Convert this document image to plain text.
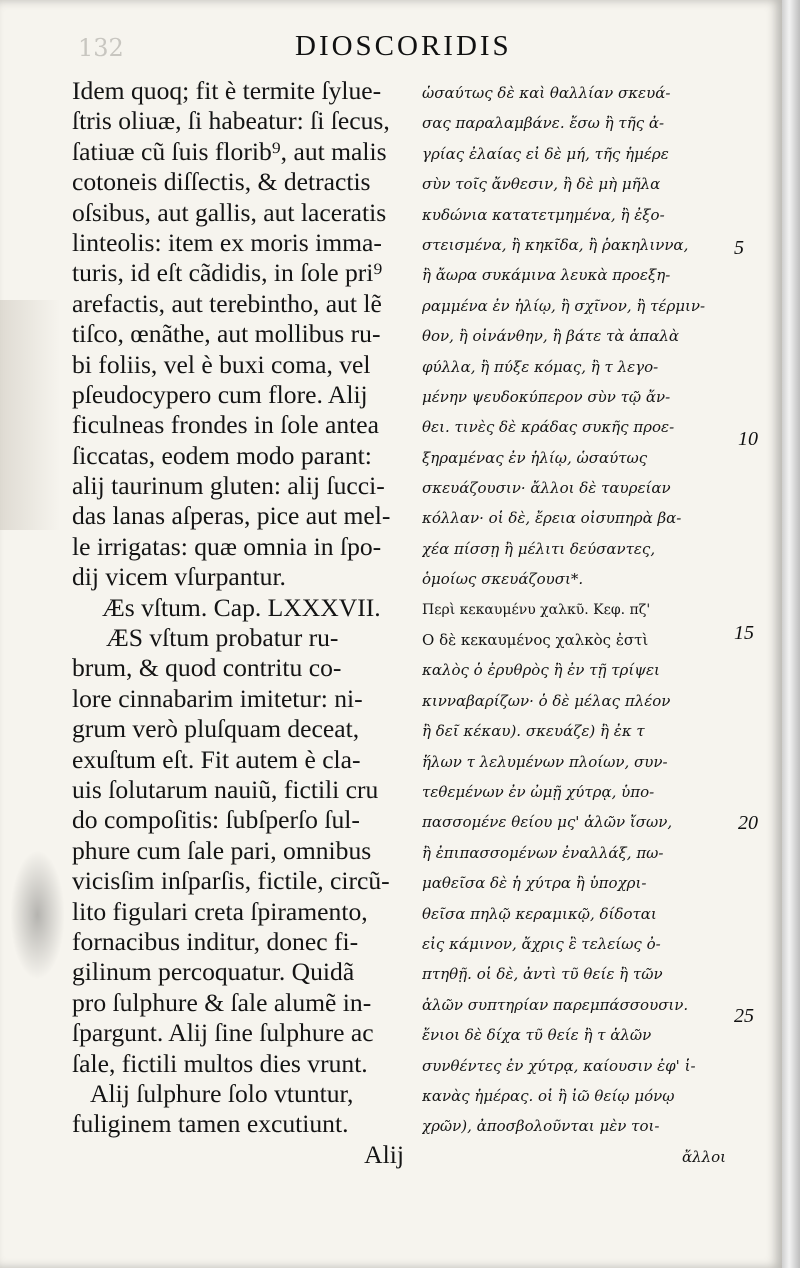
132	DIOSCORIDIS
Idem quoq; fit è termite ſylue-
ſtris oliuæ, ſi habeatur: ſi ſecus,
ſatiuæ cũ ſuis florib⁹, aut malis
cotoneis diſſectis, & detractis
oſsibus, aut gallis, aut laceratis
linteolis: item ex moris imma-
turis, id eſt cãdidis, in ſole pri⁹
arefactis, aut terebintho, aut lẽ
tiſco, œnãthe, aut mollibus ru-
bi foliis, vel è buxi coma, vel
pſeudocypero cum flore. Alij
ficulneas frondes in ſole antea
ſiccatas, eodem modo parant:
alij taurinum gluten: alij ſucci-
das lanas aſperas, pice aut mel-
le irrigatas: quæ omnia in ſpo-
dij vicem vſurpantur.
Æs vſtum. Cap. LXXXVII.
ÆS vſtum probatur ru-
brum, & quod contritu co-
lore cinnabarim imitetur: ni-
grum verò pluſquam deceat,
exuſtum eſt. Fit autem è cla-
uis ſolutarum nauiũ, fictili cru
do compoſitis: ſubſperſo ſul-
phure cum ſale pari, omnibus
vicisſim inſparſis, fictile, circũ-
lito figulari creta ſpiramento,
fornacibus inditur, donec fi-
gilinum percoquatur. Quidã
pro ſulphure & ſale alumẽ in-
ſpargunt. Alij ſine ſulphure ac
ſale, fictili multos dies vrunt.
Alij ſulphure ſolo vtuntur,
fuliginem tamen excutiunt.
Alij
ὡσαύτως δὲ καὶ θαλλίαν σκευά-
σας παραλαμβάνε. ἔσω ἢ τῆς ἀ-
γρίας ἐλαίας εἰ δὲ μή, τῆς ἡμέρε
σὺν τοῖς ἄνθεσιν, ἢ δὲ μὴ μῆλα
κυδώνια κατατετμημένα, ἢ ἐξο-
στεισμένα, ἢ κηκῖδα, ἢ ῥακηλιννα,
ἢ ἄωρα συκάμινα λευκὰ προεξη-
ραμμένα ἐν ἡλίῳ, ἢ σχῖνον, ἢ τέρμιν-
θον, ἢ οἰνάνθην, ἢ βάτε τὰ ἁπαλὰ
φύλλα, ἢ πύξε κόμας, ἢ τ λεγο-
μένην ψευδοκύπερον σὺν τῷ ἄν-
θει. τινὲς δὲ κράδας συκῆς προε-
ξηραμένας ἐν ἡλίῳ, ὡσαύτως
σκευάζουσιν· ἄλλοι δὲ ταυρείαν
κόλλαν· οἱ δὲ, ἔρεια οἰσυπηρὰ βα-
χέα πίσσῃ ἢ μέλιτι δεύσαντες,
ὁμοίως σκευάζουσι*.
Περὶ κεκαυμένυ χαλκῦ. Κεφ. πζ'
Ο δὲ κεκαυμένος χαλκὸς ἐστὶ
καλὸς ὁ ἐρυθρὸς ἢ ἐν τῇ τρίψει
κινναβαρίζων· ὁ δὲ μέλας πλέον
ἢ δεῖ κέκαυ). σκευάζε) ἢ ἐκ τ
ἥλων τ λελυμένων πλοίων, συν-
τεθεμένων ἐν ὠμῇ χύτρᾳ, ὑπο-
πασσομένε θείου μς' ἁλῶν ἴσων,
ἢ ἐπιπασσομένων ἐναλλάξ, πω-
μαθεῖσα δὲ ἡ χύτρα ἢ ὑποχρι-
θεῖσα πηλῷ κεραμικῷ, δίδοται
εἰς κάμινον, ἄχρις ἒ τελείως ὀ-
πτηθῇ. οἱ δὲ, ἀντὶ τῦ θείε ἢ τῶν
ἁλῶν συπτηρίαν παρεμπάσσουσιν.
ἔνιοι δὲ δίχα τῦ θείε ἢ τ ἁλῶν
συνθέντες ἐν χύτρᾳ, καίουσιν ἐφ' ἱ-
κανὰς ἡμέρας. οἱ ἢ ἰῶ θείῳ μόνῳ
χρῶν), ἀποσβολοῦνται μὲν τοι-
ἄλλοι
5
10
15
20
25
